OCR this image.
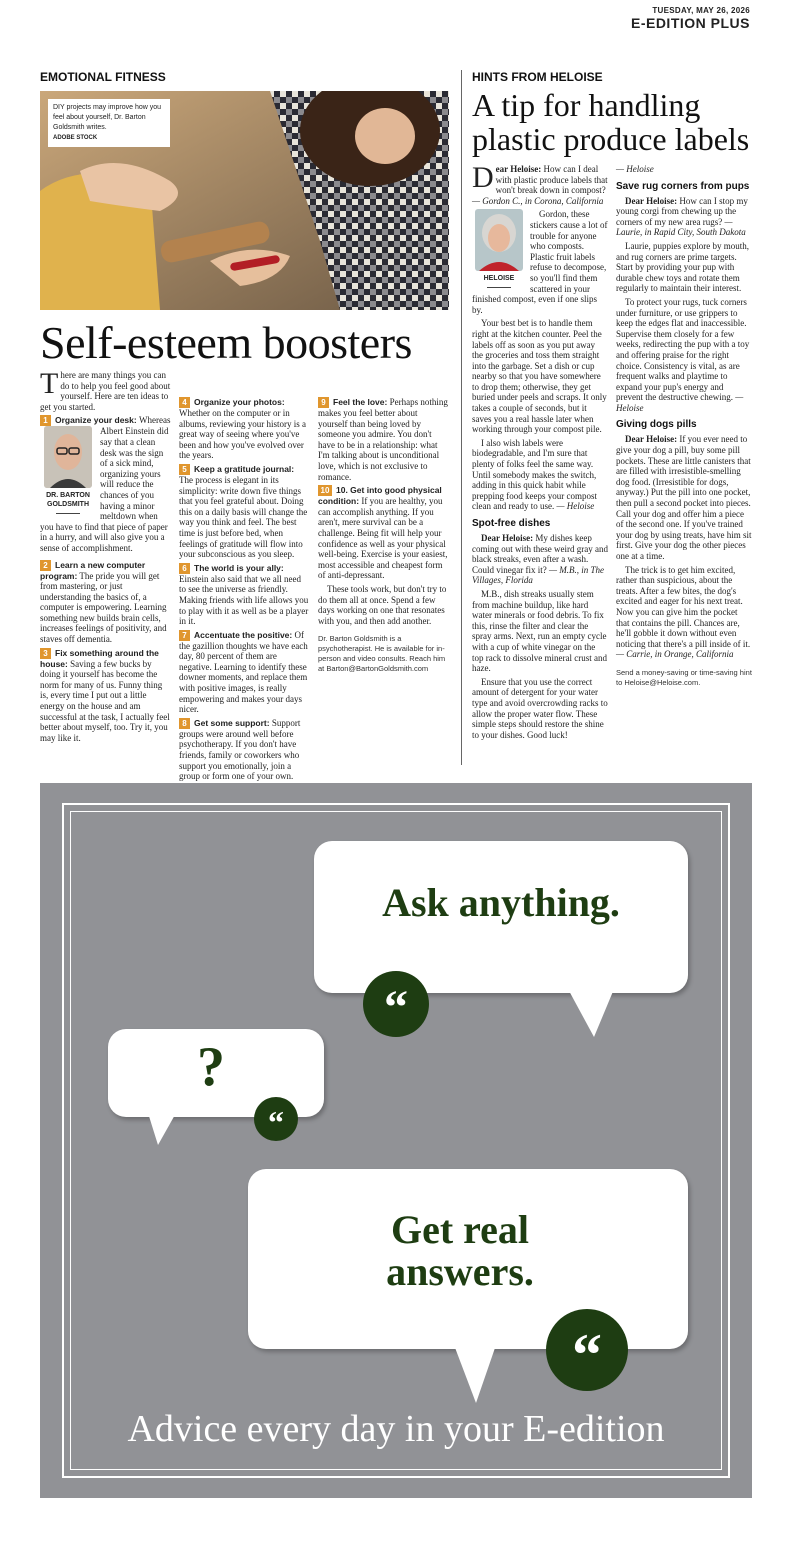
TUESDAY, MAY 26, 2026
E-EDITION PLUS
EMOTIONAL FITNESS
DIY projects may improve how you feel about yourself, Dr. Barton Goldsmith writes.
ADOBE STOCK
Self-esteem boosters

There are many things you can do to help you feel good about yourself. Here are ten ideas to get you started.

1 Organize your desk:
DR. BARTON
GOLDSMITH
Whereas Albert Einstein did say that a clean desk was the sign of a sick mind, organizing yours will reduce the chances of you having a minor meltdown when you have to find that piece of paper in a hurry, and will also give you a sense of accomplishment.

2 Learn a new computer program: The pride you will get from mastering, or just understanding the basics of, a computer is empowering. Learning something new builds brain cells, increases feelings of positivity, and staves off dementia.

3 Fix something around the house: Saving a few bucks by doing it yourself has become the norm for many of us. Funny thing is, every time I put out a little energy on the house and am successful at the task, I actually feel better about myself, too. Try it, you may like it.

4 Organize your photos: Whether on the computer or in albums, reviewing your history is a great way of seeing where you've been and how you've evolved over the years.

5 Keep a gratitude journal: The process is elegant in its simplicity: write down five things that you feel grateful about. Doing this on a daily basis will change the way you think and feel. The best time is just before bed, when feelings of gratitude will flow into your subconscious as you sleep.

6 The world is your ally: Einstein also said that we all need to see the universe as friendly. Making friends with life allows you to play with it as well as be a player in it.

7 Accentuate the positive: Of the gazillion thoughts we have each day, 80 percent of them are negative. Learning to identify these downer moments, and replace them with positive images, is really empowering and makes your days nicer.

8 Get some support: Support groups were around well before psychotherapy. If you don't have friends, family or coworkers who support you emotionally, join a group or form one of your own.

9 Feel the love: Perhaps nothing makes you feel better about yourself than being loved by someone you admire. You don't have to be in a relationship: what I'm talking about is unconditional love, which is not exclusive to romance.

10 10. Get into good physical condition: If you are healthy, you can accomplish anything. If you aren't, mere survival can be a challenge. Being fit will help your confidence as well as your physical well-being. Exercise is your easiest, most accessible and cheapest form of anti-depressant.

These tools work, but don't try to do them all at once. Spend a few days working on one that resonates with you, and then add another.

Dr. Barton Goldsmith is a psychotherapist. He is available for in-person and video consults. Reach him at Barton@BartonGoldsmith.com

HINTS FROM HELOISE
A tip for handling plastic produce labels

Dear Heloise: How can I deal with plastic produce labels that won't break down in compost? — Gordon C., in Corona, California

HELOISE
Gordon, these stickers cause a lot of trouble for anyone who composts. Plastic fruit labels refuse to decompose, so you'll find them scattered in your finished compost, even if one slips by.

Your best bet is to handle them right at the kitchen counter. Peel the labels off as soon as you put away the groceries and toss them straight into the garbage. Set a dish or cup nearby so that you have somewhere to drop them; otherwise, they get buried under peels and scraps. It only takes a couple of seconds, but it saves you a real hassle later when working through your compost pile.

I also wish labels were biodegradable, and I'm sure that plenty of folks feel the same way. Until somebody makes the switch, adding in this quick habit while prepping food keeps your compost clean and ready to use. — Heloise

Spot-free dishes

Dear Heloise: My dishes keep coming out with these weird gray and black streaks, even after a wash. Could vinegar fix it? — M.B., in The Villages, Florida

M.B., dish streaks usually stem from machine buildup, like hard water minerals or food debris. To fix this, rinse the filter and clear the spray arms. Next, run an empty cycle with a cup of white vinegar on the top rack to dissolve mineral crust and haze.

Ensure that you use the correct amount of detergent for your water type and avoid overcrowding racks to allow the proper water flow. These simple steps should restore the shine to your dishes. Good luck!

— Heloise

Save rug corners from pups

Dear Heloise: How can I stop my young corgi from chewing up the corners of my new area rugs? — Laurie, in Rapid City, South Dakota

Laurie, puppies explore by mouth, and rug corners are prime targets. Start by providing your pup with durable chew toys and rotate them regularly to maintain their interest.

To protect your rugs, tuck corners under furniture, or use grippers to keep the edges flat and inaccessible. Supervise them closely for a few weeks, redirecting the pup with a toy and offering praise for the right choice. Consistency is vital, as are frequent walks and playtime to expand your pup's energy and prevent the destructive chewing. — Heloise

Giving dogs pills

Dear Heloise: If you ever need to give your dog a pill, buy some pill pockets. These are little canisters that are filled with irresistible-smelling dog food. (Irresistible for dogs, anyway.) Put the pill into one pocket, then pull a second pocket into pieces. Call your dog and offer him a piece of the second one. If you've trained your dog by using treats, have him sit first. Give your dog the other pieces one at a time.

The trick is to get him excited, rather than suspicious, about the treats. After a few bites, the dog's excited and eager for his next treat. Now you can give him the pocket that contains the pill. Chances are, he'll gobble it down without even noticing that there's a pill inside of it. — Carrie, in Orange, California

Send a money-saving or time-saving hint to Heloise@Heloise.com.

Ask anything.
“
?
“
Get real
answers.
“
Advice every day in your E-edition
